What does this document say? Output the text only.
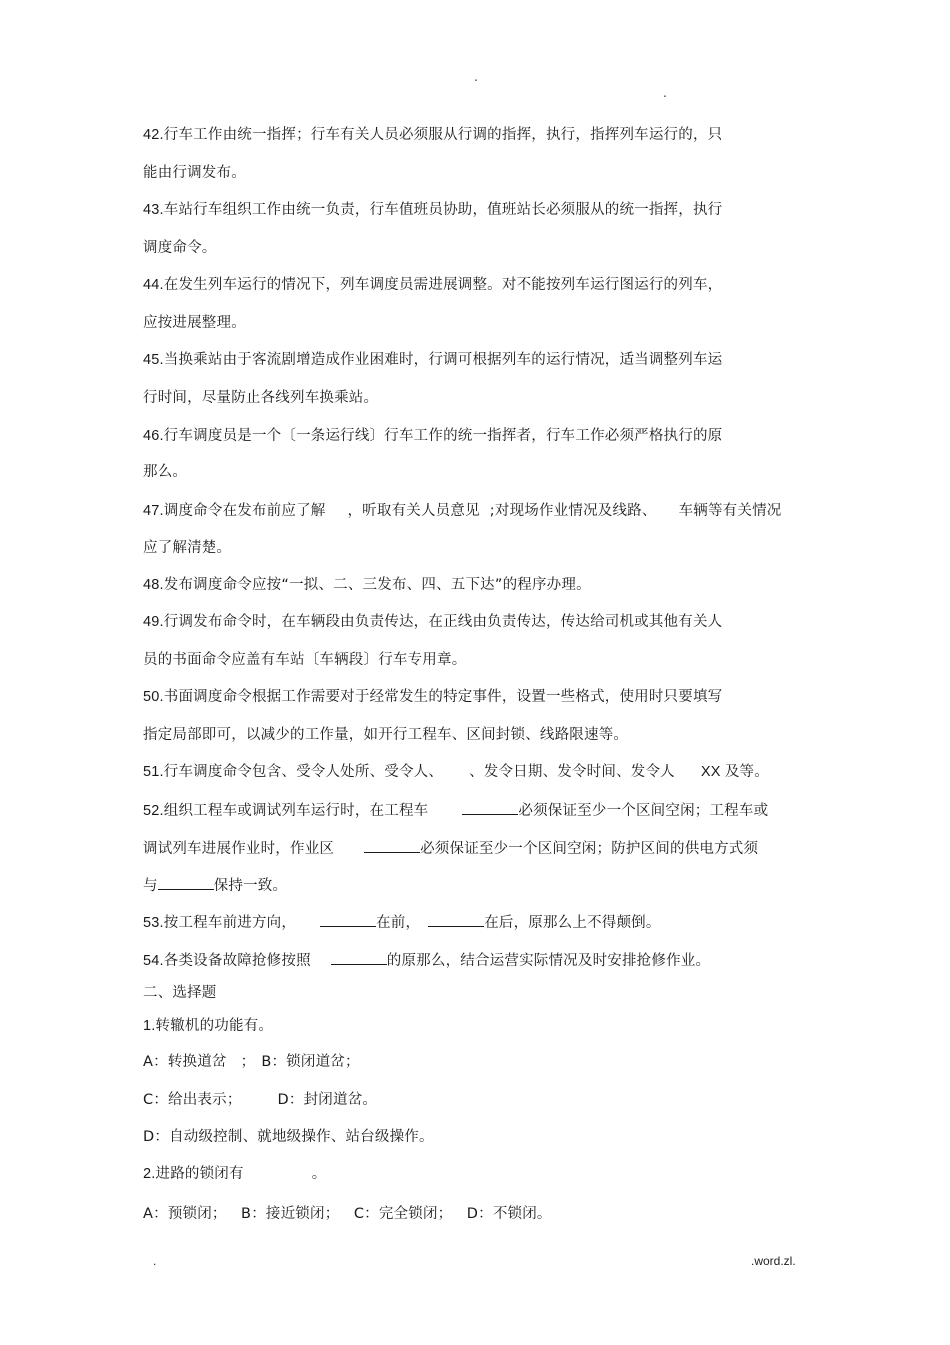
.
.
42.行车工作由统一指挥；行车有关人员必须服从行调的指挥，执行，指挥列车运行的，只
能由行调发布。
43.车站行车组织工作由统一负责，行车值班员协助，值班站长必须服从的统一指挥，执行
调度命令。
44.在发生列车运行的情况下，列车调度员需进展调整。对不能按列车运行图运行的列车，
应按进展整理。
45.当换乘站由于客流剧增造成作业困难时，行调可根据列车的运行情况，适当调整列车运
行时间，尽量防止各线列车换乘站。
46.行车调度员是一个〔一条运行线〕行车工作的统一指挥者，行车工作必须严格执行的原
那么。
47.调度命令在发布前应了解 ，听取有关人员意见 ;对现场作业情况及线路、 车辆等有关情况
应了解清楚。
48.发布调度命令应按“一拟、二、三发布、四、五下达”的程序办理。
49.行调发布命令时，在车辆段由负责传达，在正线由负责传达，传达给司机或其他有关人
员的书面命令应盖有车站〔车辆段〕行车专用章。
50.书面调度命令根据工作需要对于经常发生的特定事件，设置一些格式，使用时只要填写
指定局部即可，以减少的工作量，如开行工程车、区间封锁、线路限速等。
51.行车调度命令包含、受令人处所、受令人、 、发令日期、发令时间、发令人 XX 及等。
52.组织工程车或调试列车运行时，在工程车	必须保证至少一个区间空闲；工程车或
调试列车进展作业时，作业区	必须保证至少一个区间空闲；防护区间的供电方式须
与	保持一致。
53.按工程车前进方向，	在前，	在后，原那么上不得颠倒。
54.各类设备故障抢修按照	的原那么，结合运营实际情况及时安排抢修作业。
二、选择题
1.转辙机的功能有。
A：转换道岔 ； B：锁闭道岔；
C：给出表示； D：封闭道岔。
D：自动级控制、就地级操作、站台级操作。
2.进路的锁闭有	。
A：预锁闭；   B：接近锁闭；   C：完全锁闭；   D：不锁闭。
.	.word.zl.
